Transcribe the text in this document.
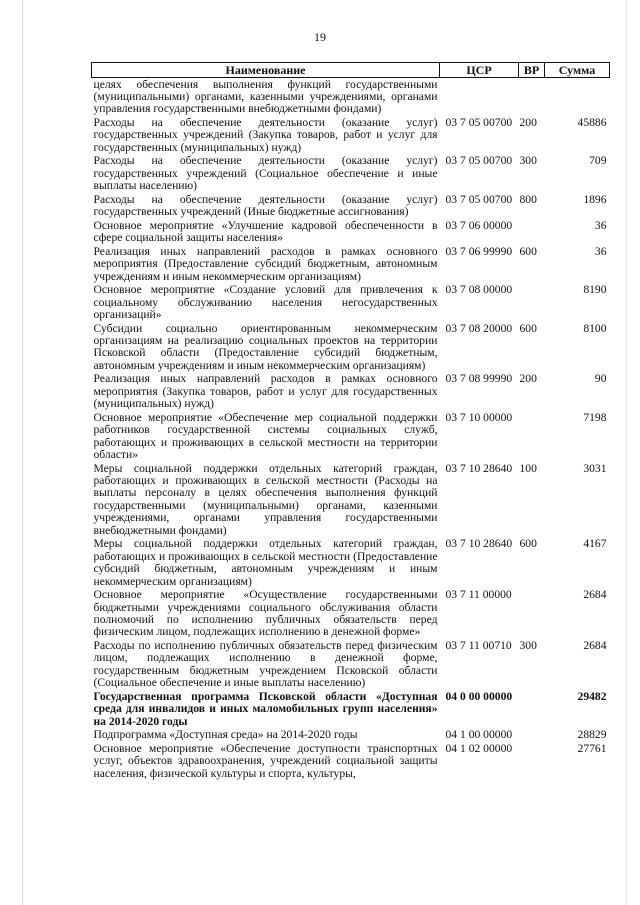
19
Наименование	ЦСР	ВР	Сумма
целях обеспечения выполнения функций государственными (муниципальными) органами, казенными учреждениями, органами управления государственными внебюджетными фондами)			
Расходы на обеспечение деятельности (оказание услуг) государственных учреждений (Закупка товаров, работ и услуг для государственных (муниципальных) нужд)	03 7 05 00700	200	45886
Расходы на обеспечение деятельности (оказание услуг) государственных учреждений (Социальное обеспечение и иные выплаты населению)	03 7 05 00700	300	709
Расходы на обеспечение деятельности (оказание услуг) государственных учреждений (Иные бюджетные ассигнования)	03 7 05 00700	800	1896
Основное мероприятие «Улучшение кадровой обеспеченности в сфере социальной защиты населения»	03 7 06 00000		36
Реализация иных направлений расходов в рамках основного мероприятия (Предоставление субсидий бюджетным, автономным учреждениям и иным некоммерческим организациям)	03 7 06 99990	600	36
Основное мероприятие «Создание условий для привлечения к социальному обслуживанию населения негосударственных организаций»	03 7 08 00000		8190
Субсидии социально ориентированным некоммерческим организациям на реализацию социальных проектов на территории Псковской области (Предоставление субсидий бюджетным, автономным учреждениям и иным некоммерческим организациям)	03 7 08 20000	600	8100
Реализация иных направлений расходов в рамках основного мероприятия (Закупка товаров, работ и услуг для государственных (муниципальных) нужд)	03 7 08 99990	200	90
Основное мероприятие «Обеспечение мер социальной поддержки работников государственной системы социальных служб, работающих и проживающих в сельской местности на территории области»	03 7 10 00000		7198
Меры социальной поддержки отдельных категорий граждан, работающих и проживающих в сельской местности (Расходы на выплаты персоналу в целях обеспечения выполнения функций государственными (муниципальными) органами, казенными учреждениями, органами управления государственными внебюджетными фондами)	03 7 10 28640	100	3031
Меры социальной поддержки отдельных категорий граждан, работающих и проживающих в сельской местности (Предоставление субсидий бюджетным, автономным учреждениям и иным некоммерческим организациям)	03 7 10 28640	600	4167
Основное мероприятие «Осуществление государственными бюджетными учреждениями социального обслуживания области полномочий по исполнению публичных обязательств перед физическим лицом, подлежащих исполнению в денежной форме»	03 7 11 00000		2684
Расходы по исполнению публичных обязательств перед физическим лицом, подлежащих исполнению в денежной форме, государственным бюджетным учреждением Псковской области (Социальное обеспечение и иные выплаты населению)	03 7 11 00710	300	2684
Государственная программа Псковской области «Доступная среда для инвалидов и иных маломобильных групп населения» на 2014-2020 годы	04 0 00 00000		29482
Подпрограмма «Доступная среда» на 2014-2020 годы	04 1 00 00000		28829
Основное мероприятие «Обеспечение доступности транспортных услуг, объектов здравоохранения, учреждений социальной защиты населения, физической культуры и спорта, культуры,	04 1 02 00000		27761
